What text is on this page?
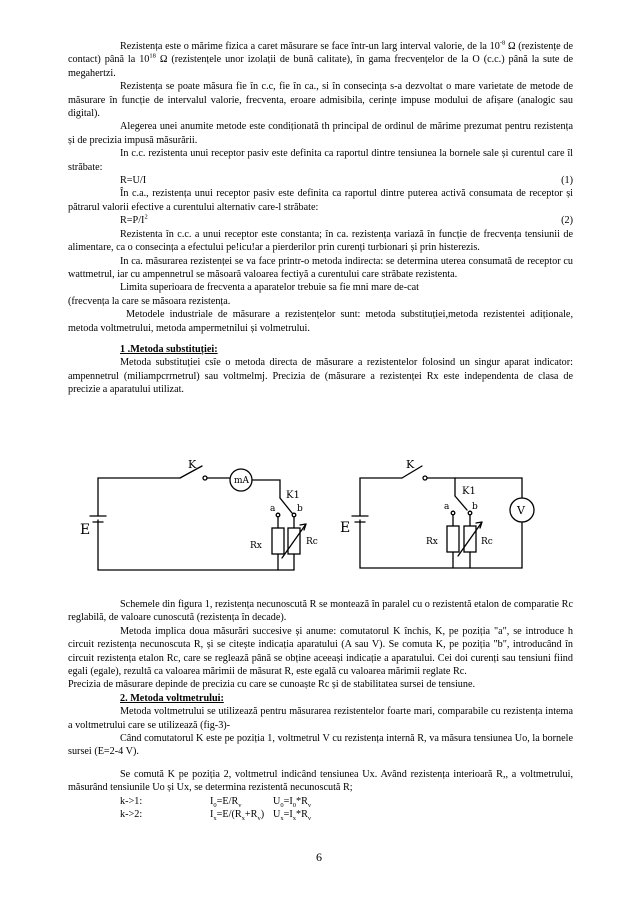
Rezistența este o mărime fizica a caret măsurare se face într-un larg interval valorie, de la $10^{-8}$ Ω (rezistențe de contact) până la $10^{18}$ Ω (rezistențele unor izolații de bună calitate), în gama frecvențelor de la O (c.c.) până la sute de megahertzi.

Rezistența se poate măsura fie în c.c, fie în ca., si în consecința s-a dezvoltat o mare varietate de metode de măsurare în funcție de intervalul valorie, frecventa, eroare admisibila, cerințe impuse modului de afișare (analogic sau digital).

Alegerea unei anumite metode este condiționată th principal de ordinul de mărime prezumat pentru rezistența și de precizia impusă măsurării.

In c.c. rezistenta unui receptor pasiv este definita ca raportul dintre tensiunea la bornele sale și curentul care îl străbate:

R=U/I	(1)

În c.a., rezistența unui receptor pasiv este definita ca raportul dintre puterea activă consumata de receptor și pătrarul valorii efective a curentului alternativ care-l străbate:

$R=P/I^2$	(2)

Rezistenta în c.c. a unui receptor este constanta; în ca. rezistența variază în funcție de frecvența tensiunii de alimentare, ca o consecința a efectului pe!icu!ar a pierderilor prin curenți turbionari și prin histerezis.

In ca. măsurarea rezistenței se va face printr-o metoda indirecta: se determina uterea consumată de receptor cu wattmetrul, iar cu ampennetrul se măsoară valoarea fectiyă a curentului care străbate rezistenta.

Limita superioara de frecventa a aparatelor trebuie sa fie mni mare de-cat

(frecvența la care se măsoara rezistența.

Metodele industriale de măsurare a rezistențelor sunt: metoda substituției,metoda rezistentei adiționale, metoda voltmetrului, metoda ampermetnilui și volmetrului.

1 .Metoda substituției:

Metoda substituției csîe o metoda directa de măsurare a rezistentelor folosind un singur aparat indicator: ampennetrul (miliampcrrnetrul) sau voltmelmj. Precizia de (măsurare a rezistenței Rx este independenta de clasa de precizie a aparatului utilizat.

mA
E
K
K1
a b
Rx	Rc
V
E
K
K1
a	b
Rx	Rc

Schemele din figura 1, rezistența necunoscută R se montează în paralel cu o rezistentă etalon de comparatie Rc reglabilă, de valoare cunoscută (rezistența în decade).

Metoda implica doua măsurări succesive și anume: comutatorul K închis, K, pe poziția "a", se introduce h circuit rezistența necunoscuta R, și se citește indicația aparatului (A sau V). Se comuta K, pe poziția "b", introducând în circuit rezistența etalon Rc, care se reglează până se obține aceeași indicație a aparatului. Cei doi curenți sau tensiuni fiind egali (egale), rezultă ca valoarea mărimii de măsurat R, este egală cu valoarea mărimii reglate Rc.

Precizia de măsurare depinde de precizia cu care se cunoaște Rc și de stabilitatea sursei de tensiune.

2. Metoda voltmetrului:

Metoda voltmetrului se utilizează pentru măsurarea rezistentelor foarte mari, comparabile cu rezistența intema a voltmetrului care se utilizează (fig-3)-

Când comutatorul K este pe poziția 1, voltmetrul V cu rezistența internă R, va măsura tensiunea Uo, la bornele sursei (E=2-4 V).

Se comută K pe poziția 2, voltmetrul indicând tensiunea Ux. Având rezistența interioară R,, a voltmetrului, măsurând tensiunile Uo și Ux, se determina rezistentă necunoscută R;

k->1:	$I_0=E/R_v$	$U_0=I_0*R_v$

k->2:	$I_x=E/(R_x+R_v)$ $U_x=I_x*R_v$

6
